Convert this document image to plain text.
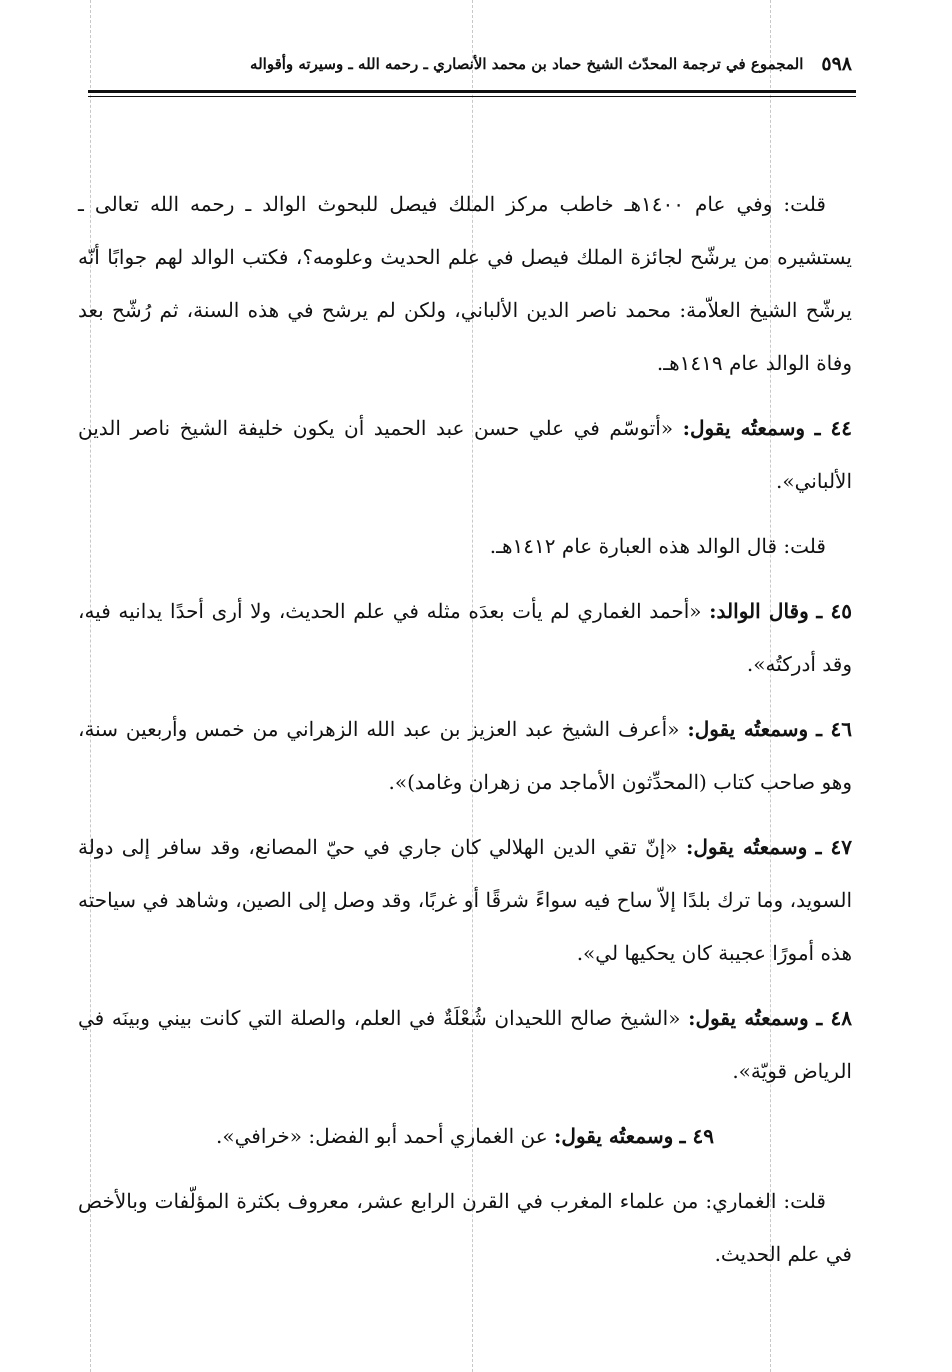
٥٩٨
المجموع في ترجمة المحدّث الشيخ حماد بن محمد الأنصاري ـ رحمه الله ـ وسيرته وأقواله

قلت: وفي عام ١٤٠٠هـ خاطب مركز الملك فيصل للبحوث الوالد ـ رحمه الله تعالى ـ يستشيره من يرشّح لجائزة الملك فيصل في علم الحديث وعلومه؟، فكتب الوالد لهم جوابًا أنّه يرشّح الشيخ العلاّمة: محمد ناصر الدين الألباني، ولكن لم يرشح في هذه السنة، ثم رُشّح بعد وفاة الوالد عام ١٤١٩هـ.

٤٤ ـ وسمعتُه يقول: «أتوسّم في علي حسن عبد الحميد أن يكون خليفة الشيخ ناصر الدين الألباني».

قلت: قال الوالد هذه العبارة عام ١٤١٢هـ.

٤٥ ـ وقال الوالد: «أحمد الغماري لم يأت بعدَه مثله في علم الحديث، ولا أرى أحدًا يدانيه فيه، وقد أدركتُه».

٤٦ ـ وسمعتُه يقول: «أعرف الشيخ عبد العزيز بن عبد الله الزهراني من خمس وأربعين سنة، وهو صاحب كتاب (المحدِّثون الأماجد من زهران وغامد)».

٤٧ ـ وسمعتُه يقول: «إنّ تقي الدين الهلالي كان جاري في حيّ المصانع، وقد سافر إلى دولة السويد، وما ترك بلدًا إلاّ ساح فيه سواءً شرقًا أو غربًا، وقد وصل إلى الصين، وشاهد في سياحته هذه أمورًا عجيبة كان يحكيها لي».

٤٨ ـ وسمعتُه يقول: «الشيخ صالح اللحيدان شُعْلَةٌ في العلم، والصلة التي كانت بيني وبينَه في الرياض قويّة».

٤٩ ـ وسمعتُه يقول: عن الغماري أحمد أبو الفضل: «خرافي».

قلت: الغماري: من علماء المغرب في القرن الرابع عشر، معروف بكثرة المؤلّفات وبالأخص في علم الحديث.
